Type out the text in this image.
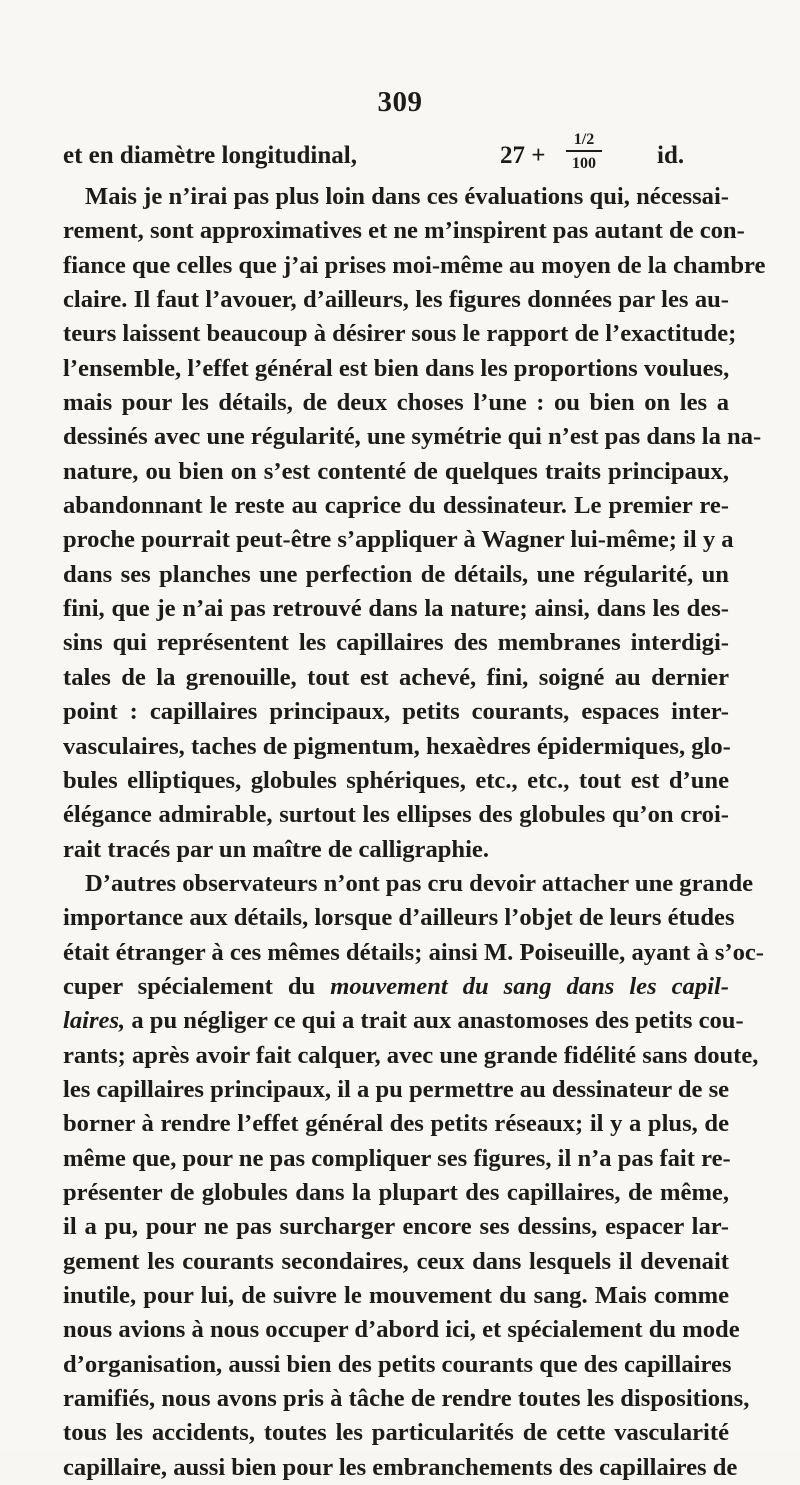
309
et en diamètre longitudinal,	27 +
1/2
100	id.
Mais je n’irai pas plus loin dans ces évaluations qui, nécessai-
rement, sont approximatives et ne m’inspirent pas autant de con-
fiance que celles que j’ai prises moi-même au moyen de la chambre
claire. Il faut l’avouer, d’ailleurs, les figures données par les au-
teurs laissent beaucoup à désirer sous le rapport de l’exactitude;
l’ensemble, l’effet général est bien dans les proportions voulues,
mais pour les détails, de deux choses l’une : ou bien on les a
dessinés avec une régularité, une symétrie qui n’est pas dans la na-
nature, ou bien on s’est contenté de quelques traits principaux,
abandonnant le reste au caprice du dessinateur. Le premier re-
proche pourrait peut-être s’appliquer à Wagner lui-même; il y a
dans ses planches une perfection de détails, une régularité, un
fini, que je n’ai pas retrouvé dans la nature; ainsi, dans les des-
sins qui représentent les capillaires des membranes interdigi-
tales de la grenouille, tout est achevé, fini, soigné au dernier
point : capillaires principaux, petits courants, espaces inter-
vasculaires, taches de pigmentum, hexaèdres épidermiques, glo-
bules elliptiques, globules sphériques, etc., etc., tout est d’une
élégance admirable, surtout les ellipses des globules qu’on croi-
rait tracés par un maître de calligraphie.
D’autres observateurs n’ont pas cru devoir attacher une grande
importance aux détails, lorsque d’ailleurs l’objet de leurs études
était étranger à ces mêmes détails; ainsi M. Poiseuille, ayant à s’oc-
cuper spécialement du mouvement du sang dans les capil-
laires, a pu négliger ce qui a trait aux anastomoses des petits cou-
rants; après avoir fait calquer, avec une grande fidélité sans doute,
les capillaires principaux, il a pu permettre au dessinateur de se
borner à rendre l’effet général des petits réseaux; il y a plus, de
même que, pour ne pas compliquer ses figures, il n’a pas fait re-
présenter de globules dans la plupart des capillaires, de même,
il a pu, pour ne pas surcharger encore ses dessins, espacer lar-
gement les courants secondaires, ceux dans lesquels il devenait
inutile, pour lui, de suivre le mouvement du sang. Mais comme
nous avions à nous occuper d’abord ici, et spécialement du mode
d’organisation, aussi bien des petits courants que des capillaires
ramifiés, nous avons pris à tâche de rendre toutes les dispositions,
tous les accidents, toutes les particularités de cette vascularité
capillaire, aussi bien pour les embranchements des capillaires de
